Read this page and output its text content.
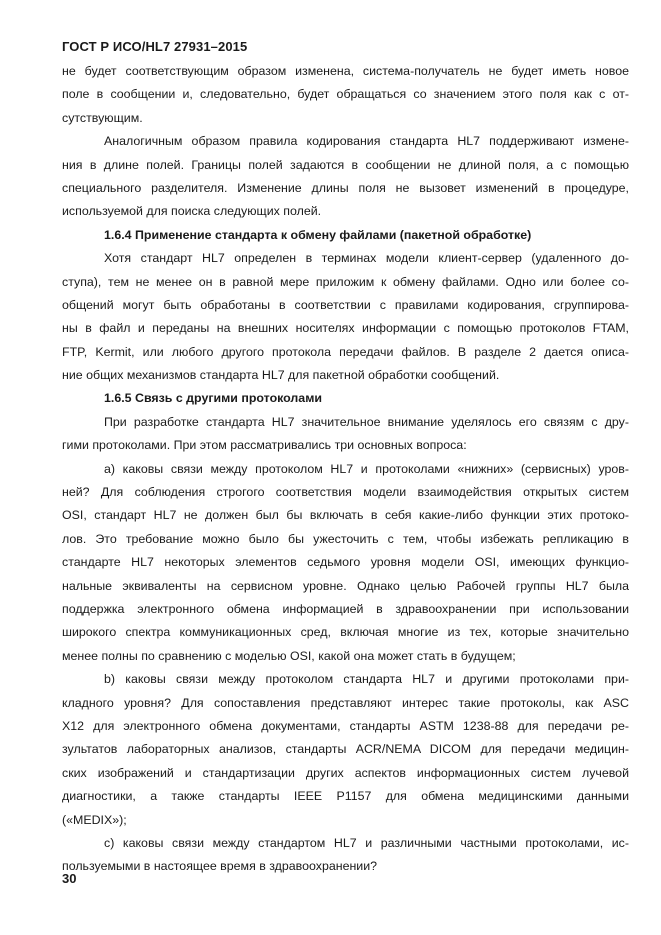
ГОСТ Р ИСО/HL7 27931–2015
не будет соответствующим образом изменена, система-получатель не будет иметь новое
поле в сообщении и, следовательно, будет обращаться со значением этого поля как с от-
сутствующим.
Аналогичным образом правила кодирования стандарта HL7 поддерживают измене-
ния в длине полей. Границы полей задаются в сообщении не длиной поля, а с помощью
специального разделителя. Изменение длины поля не вызовет изменений в процедуре,
используемой для поиска следующих полей.
1.6.4 Применение стандарта к обмену файлами (пакетной обработке)
Хотя стандарт HL7 определен в терминах модели клиент-сервер (удаленного до-
ступа), тем не менее он в равной мере приложим к обмену файлами. Одно или более со-
общений могут быть обработаны в соответствии с правилами кодирования, сгруппирова-
ны в файл и переданы на внешних носителях информации с помощью протоколов FTAM,
FTP, Kermit, или любого другого протокола передачи файлов. В разделе 2 дается описа-
ние общих механизмов стандарта HL7 для пакетной обработки сообщений.
1.6.5 Связь с другими протоколами
При разработке стандарта HL7 значительное внимание уделялось его связям с дру-
гими протоколами. При этом рассматривались три основных вопроса:
a) каковы связи между протоколом HL7 и протоколами «нижних» (сервисных) уров-
ней? Для соблюдения строгого соответствия модели взаимодействия открытых систем
OSI, стандарт HL7 не должен был бы включать в себя какие-либо функции этих протоко-
лов. Это требование можно было бы ужесточить с тем, чтобы избежать репликацию в
стандарте HL7 некоторых элементов седьмого уровня модели OSI, имеющих функцио-
нальные эквиваленты на сервисном уровне. Однако целью Рабочей группы HL7 была
поддержка электронного обмена информацией в здравоохранении при использовании
широкого спектра коммуникационных сред, включая многие из тех, которые значительно
менее полны по сравнению с моделью OSI, какой она может стать в будущем;
b) каковы связи между протоколом стандарта HL7 и другими протоколами при-
кладного уровня? Для сопоставления представляют интерес такие протоколы, как ASC
X12 для электронного обмена документами, стандарты ASTM 1238-88 для передачи ре-
зультатов лабораторных анализов, стандарты ACR/NEMA DICOM для передачи медицин-
ских изображений и стандартизации других аспектов информационных систем лучевой
диагностики, а также стандарты IEEE P1157 для обмена медицинскими данными
(«MEDIX»);
c) каковы связи между стандартом HL7 и различными частными протоколами, ис-
пользуемыми в настоящее время в здравоохранении?
30
